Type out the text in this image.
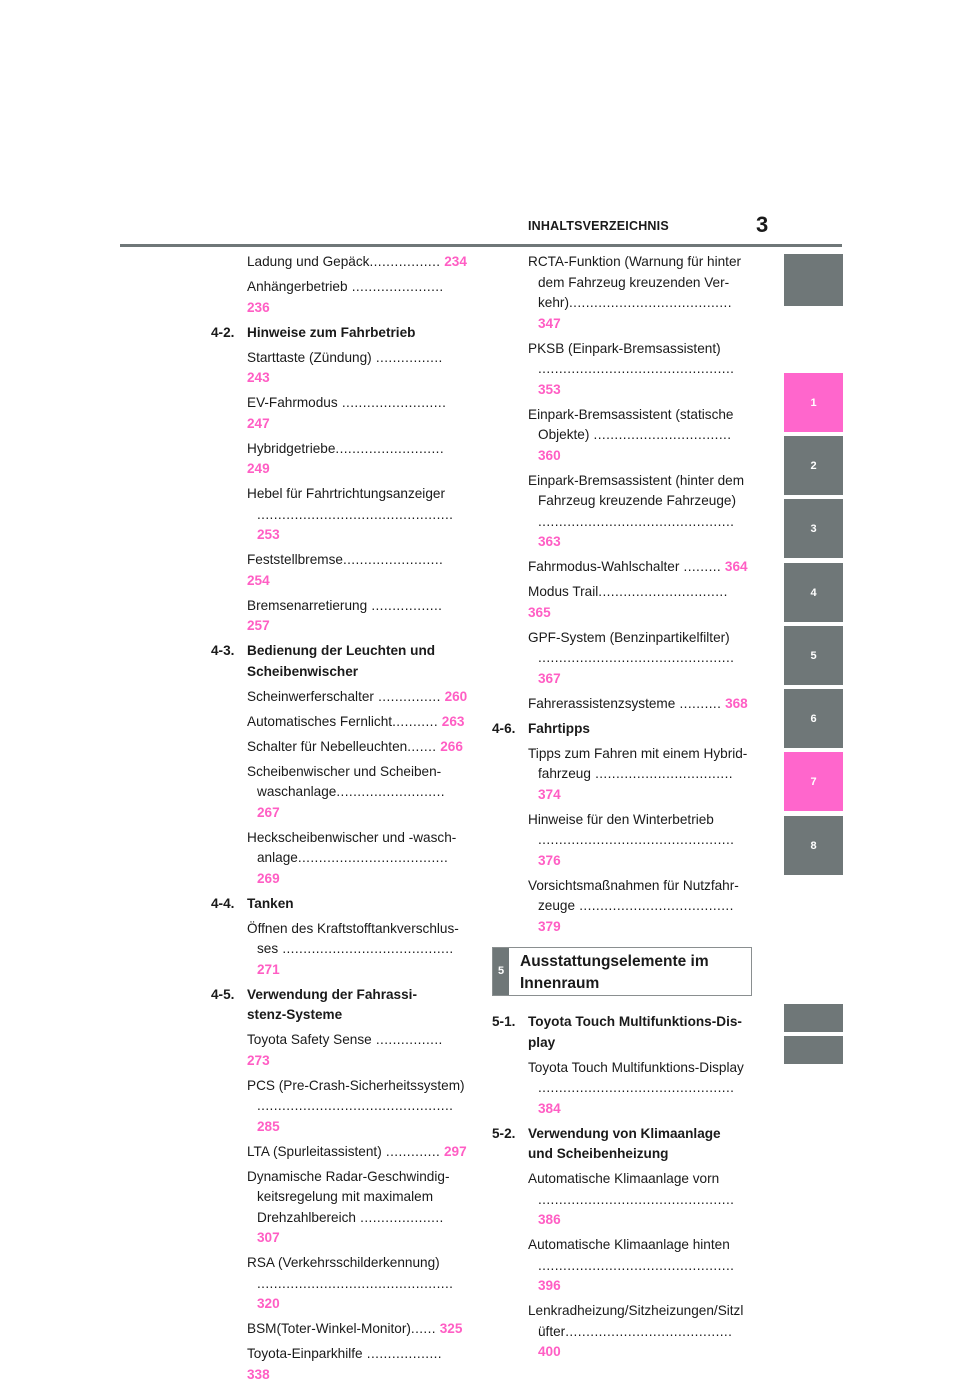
INHALTSVERZEICHNIS	3
1
2
3
4
5
6
7
8
Ladung und Gepäck................. 234
Anhängerbetrieb ...................... 236
4-2. Hinweise zum Fahrbetrieb
Starttaste (Zündung) ................ 243
EV-Fahrmodus ......................... 247
Hybridgetriebe.......................... 249
Hebel für Fahrtrichtungsanzeiger
............................................... 253
Feststellbremse........................ 254
Bremsenarretierung ................. 257
4-3. Bedienung der Leuchten und
Scheibenwischer
Scheinwerferschalter ............... 260
Automatisches Fernlicht........... 263
Schalter für Nebelleuchten....... 266
Scheibenwischer und Scheiben-
waschanlage.......................... 267
Heckscheibenwischer und -wasch-
anlage.................................... 269
4-4. Tanken
Öffnen des Kraftstofftankverschlus-
ses ......................................... 271
4-5. Verwendung der Fahrassi-
stenz-Systeme
Toyota Safety Sense ................ 273
PCS (Pre-Crash-Sicherheitssystem)
............................................... 285
LTA (Spurleitassistent) ............. 297
Dynamische Radar-Geschwindig-
keitsregelung mit maximalem
Drehzahlbereich .................... 307
RSA (Verkehrsschilderkennung)
............................................... 320
BSM(Toter-Winkel-Monitor)...... 325
Toyota-Einparkhilfe .................. 338
RCTA-Funktion (Warnung für hinter
dem Fahrzeug kreuzenden Ver-
kehr)....................................... 347
PKSB (Einpark-Bremsassistent)
............................................... 353
Einpark-Bremsassistent (statische
Objekte) ................................. 360
Einpark-Bremsassistent (hinter dem
Fahrzeug kreuzende Fahrzeuge)
............................................... 363
Fahrmodus-Wahlschalter ......... 364
Modus Trail............................... 365
GPF-System (Benzinpartikelfilter)
............................................... 367
Fahrerassistenzsysteme .......... 368
4-6. Fahrtipps
Tipps zum Fahren mit einem Hybrid-
fahrzeug ................................. 374
Hinweise für den Winterbetrieb
............................................... 376
Vorsichtsmaßnahmen für Nutzfahr-
zeuge ..................................... 379
5
Ausstattungselemente im
Innenraum
5-1. Toyota Touch Multifunktions-Dis-
play
Toyota Touch Multifunktions-Display
............................................... 384
5-2. Verwendung von Klimaanlage
und Scheibenheizung
Automatische Klimaanlage vorn
............................................... 386
Automatische Klimaanlage hinten
............................................... 396
Lenkradheizung/Sitzheizungen/Sitzl
üfter........................................ 400
